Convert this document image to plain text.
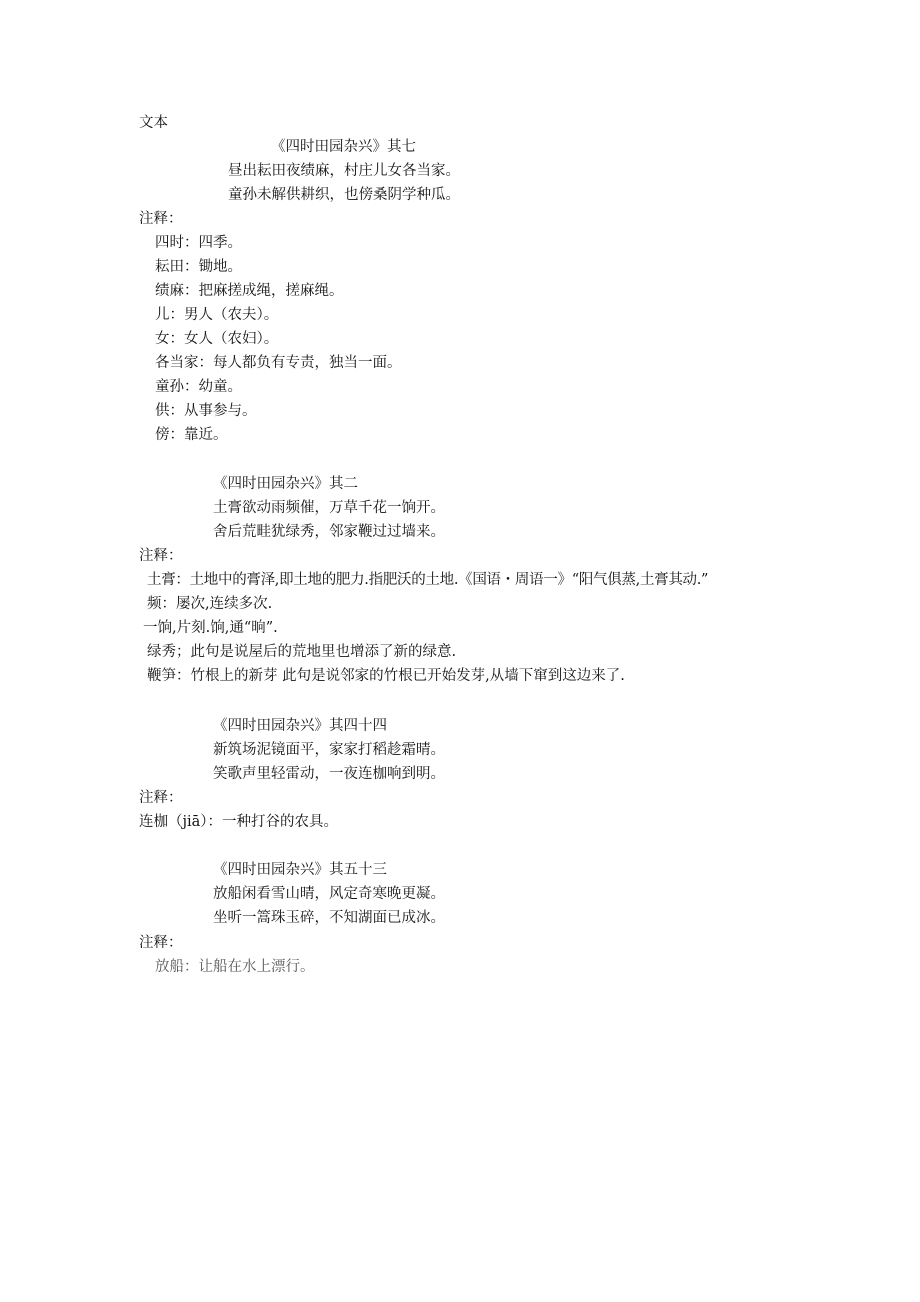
文本

《四时田园杂兴》其七

昼出耘田夜绩麻，村庄儿女各当家。

童孙未解供耕织，也傍桑阴学种瓜。

注释：

四时：四季。

耘田：锄地。

绩麻：把麻搓成绳，搓麻绳。

儿：男人（农夫）。

女：女人（农妇）。

各当家：每人都负有专责，独当一面。

童孙：幼童。

供：从事参与。

傍：靠近。

《四时田园杂兴》其二

土膏欲动雨频催，万草千花一饷开。

舍后荒畦犹绿秀，邻家鞭过过墙来。

注释：

土膏：土地中的膏泽,即土地的肥力.指肥沃的土地.《国语・周语一》“阳气俱蒸,土膏其动.”

频：屡次,连续多次.

一饷,片刻.饷,通“晌”.

绿秀；此句是说屋后的荒地里也增添了新的绿意.

鞭笋：竹根上的新芽 此句是说邻家的竹根已开始发芽,从墙下窜到这边来了.

《四时田园杂兴》其四十四

新筑场泥镜面平，家家打稻趁霜晴。

笑歌声里轻雷动，一夜连枷响到明。

注释：

连枷（jiā）：一种打谷的农具。

《四时田园杂兴》其五十三

放船闲看雪山晴，风定奇寒晚更凝。

坐听一篙珠玉碎，不知湖面已成冰。

注释：

放船：让船在水上漂行。
